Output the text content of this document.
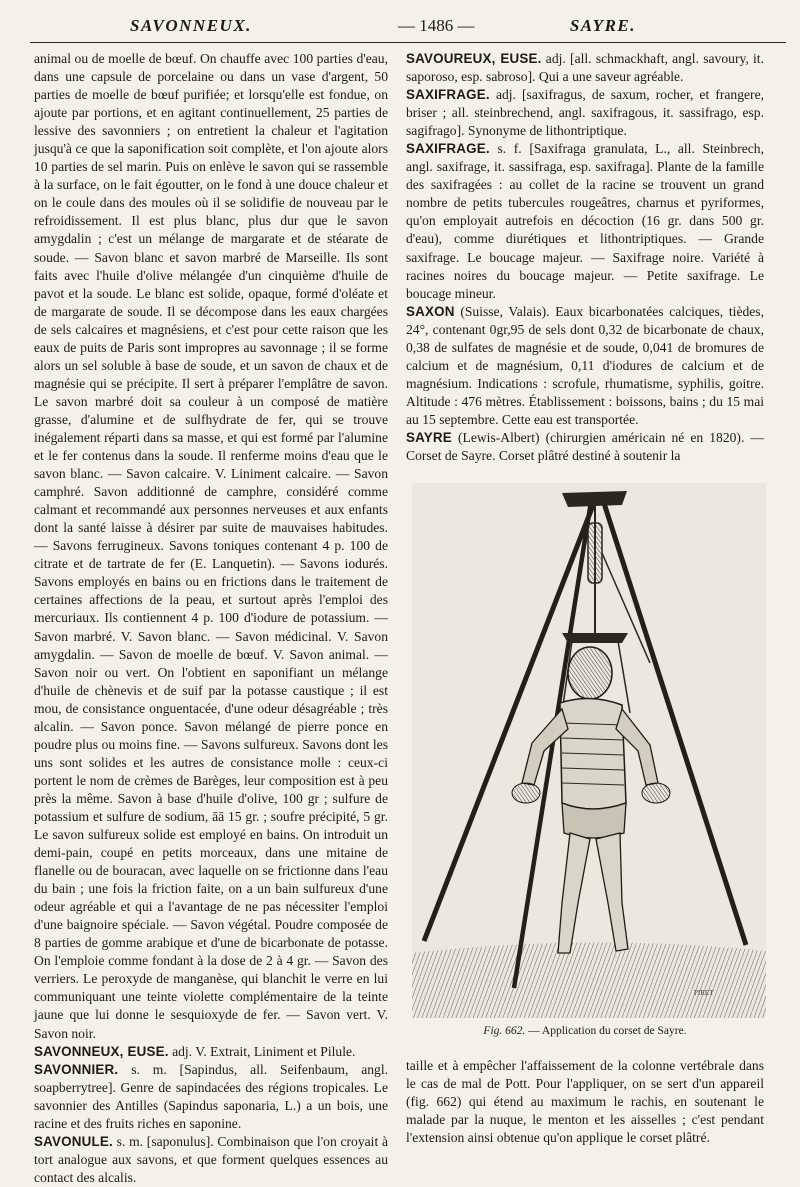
SAVONNEUX.	— 1486 —	SAYRE.

animal ou de moelle de bœuf. On chauffe avec 100 parties d'eau, dans une capsule de porcelaine ou dans un vase d'argent, 50 parties de moelle de bœuf purifiée; et lorsqu'elle est fondue, on ajoute par portions, et en agitant continuellement, 25 parties de lessive des savonniers ; on entretient la chaleur et l'agitation jusqu'à ce que la saponification soit complète, et l'on ajoute alors 10 parties de sel marin. Puis on enlève le savon qui se rassemble à la surface, on le fait égoutter, on le fond à une douce chaleur et on le coule dans des moules où il se solidifie de nouveau par le refroidissement. Il est plus blanc, plus dur que le savon amygdalin ; c'est un mélange de margarate et de stéarate de soude. — Savon blanc et savon marbré de Marseille. Ils sont faits avec l'huile d'olive mélangée d'un cinquième d'huile de pavot et la soude. Le blanc est solide, opaque, formé d'oléate et de margarate de soude. Il se décompose dans les eaux chargées de sels calcaires et magnésiens, et c'est pour cette raison que les eaux de puits de Paris sont impropres au savonnage ; il se forme alors un sel soluble à base de soude, et un savon de chaux et de magnésie qui se précipite. Il sert à préparer l'emplâtre de savon. Le savon marbré doit sa couleur à un composé de matière grasse, d'alumine et de sulfhydrate de fer, qui se trouve inégalement réparti dans sa masse, et qui est formé par l'alumine et le fer contenus dans la soude. Il renferme moins d'eau que le savon blanc. — Savon calcaire. V. Liniment calcaire. — Savon camphré. Savon additionné de camphre, considéré comme calmant et recommandé aux personnes nerveuses et aux enfants dont la santé laisse à désirer par suite de mauvaises habitudes. — Savons ferrugineux. Savons toniques contenant 4 p. 100 de citrate et de tartrate de fer (E. Lanquetin). — Savons iodurés. Savons employés en bains ou en frictions dans le traitement de certaines affections de la peau, et surtout après l'emploi des mercuriaux. Ils contiennent 4 p. 100 d'iodure de potassium. — Savon marbré. V. Savon blanc. — Savon médicinal. V. Savon amygdalin. — Savon de moelle de bœuf. V. Savon animal. — Savon noir ou vert. On l'obtient en saponifiant un mélange d'huile de chènevis et de suif par la potasse caustique ; il est mou, de consistance onguentacée, d'une odeur désagréable ; très alcalin. — Savon ponce. Savon mélangé de pierre ponce en poudre plus ou moins fine. — Savons sulfureux. Savons dont les uns sont solides et les autres de consistance molle : ceux-ci portent le nom de crèmes de Barèges, leur composition est à peu près la même. Savon à base d'huile d'olive, 100 gr ; sulfure de potassium et sulfure de sodium, āā 15 gr. ; soufre précipité, 5 gr. Le savon sulfureux solide est employé en bains. On introduit un demi-pain, coupé en petits morceaux, dans une mitaine de flanelle ou de bouracan, avec laquelle on se frictionne dans l'eau du bain ; une fois la friction faite, on a un bain sulfureux d'une odeur agréable et qui a l'avantage de ne pas nécessiter l'emploi d'une baignoire spéciale. — Savon végétal. Poudre composée de 8 parties de gomme arabique et d'une de bicarbonate de potasse. On l'emploie comme fondant à la dose de 2 à 4 gr. — Savon des verriers. Le peroxyde de manganèse, qui blanchit le verre en lui communiquant une teinte violette complémentaire de la teinte jaune que lui donne le sesquioxyde de fer. — Savon vert. V. Savon noir.

SAVONNEUX, EUSE. adj. V. Extrait, Liniment et Pilule.

SAVONNIER. s. m. [Sapindus, all. Seifenbaum, angl. soapberrytree]. Genre de sapindacées des régions tropicales. Le savonnier des Antilles (Sapindus saponaria, L.) a un bois, une racine et des fruits riches en saponine.

SAVONULE. s. m. [saponulus]. Combinaison que l'on croyait à tort analogue aux savons, et que forment quelques essences au contact des alcalis.

SAVOUREUX, EUSE. adj. [all. schmackhaft, angl. savoury, it. saporoso, esp. sabroso]. Qui a une saveur agréable.

SAXIFRAGE. adj. [saxifragus, de saxum, rocher, et frangere, briser ; all. steinbrechend, angl. saxifragous, it. sassifrago, esp. sagifrago]. Synonyme de lithontriptique.

SAXIFRAGE. s. f. [Saxifraga granulata, L., all. Steinbrech, angl. saxifrage, it. sassifraga, esp. saxifraga]. Plante de la famille des saxifragées : au collet de la racine se trouvent un grand nombre de petits tubercules rougeâtres, charnus et pyriformes, qu'on employait autrefois en décoction (16 gr. dans 500 gr. d'eau), comme diurétiques et lithontriptiques. — Grande saxifrage. Le boucage majeur. — Saxifrage noire. Variété à racines noires du boucage majeur. — Petite saxifrage. Le boucage mineur.

SAXON (Suisse, Valais). Eaux bicarbonatées calciques, tièdes, 24°, contenant 0gr,95 de sels dont 0,32 de bicarbonate de chaux, 0,38 de sulfates de magnésie et de soude, 0,041 de bromures de calcium et de magnésium, 0,11 d'iodures de calcium et de magnésium. Indications : scrofule, rhumatisme, syphilis, goitre. Altitude : 476 mètres. Établissement : boissons, bains ; du 15 mai au 15 septembre. Cette eau est transportée.

SAYRE (Lewis-Albert) (chirurgien américain né en 1820). — Corset de Sayre. Corset plâtré destiné à soutenir la

PIRET
Fig. 662. — Application du corset de Sayre.

taille et à empêcher l'affaissement de la colonne vertébrale dans le cas de mal de Pott. Pour l'appliquer, on se sert d'un appareil (fig. 662) qui étend au maximum le rachis, en soutenant le malade par la nuque, le menton et les aisselles ; c'est pendant l'extension ainsi obtenue qu'on applique le corset plâtré.
